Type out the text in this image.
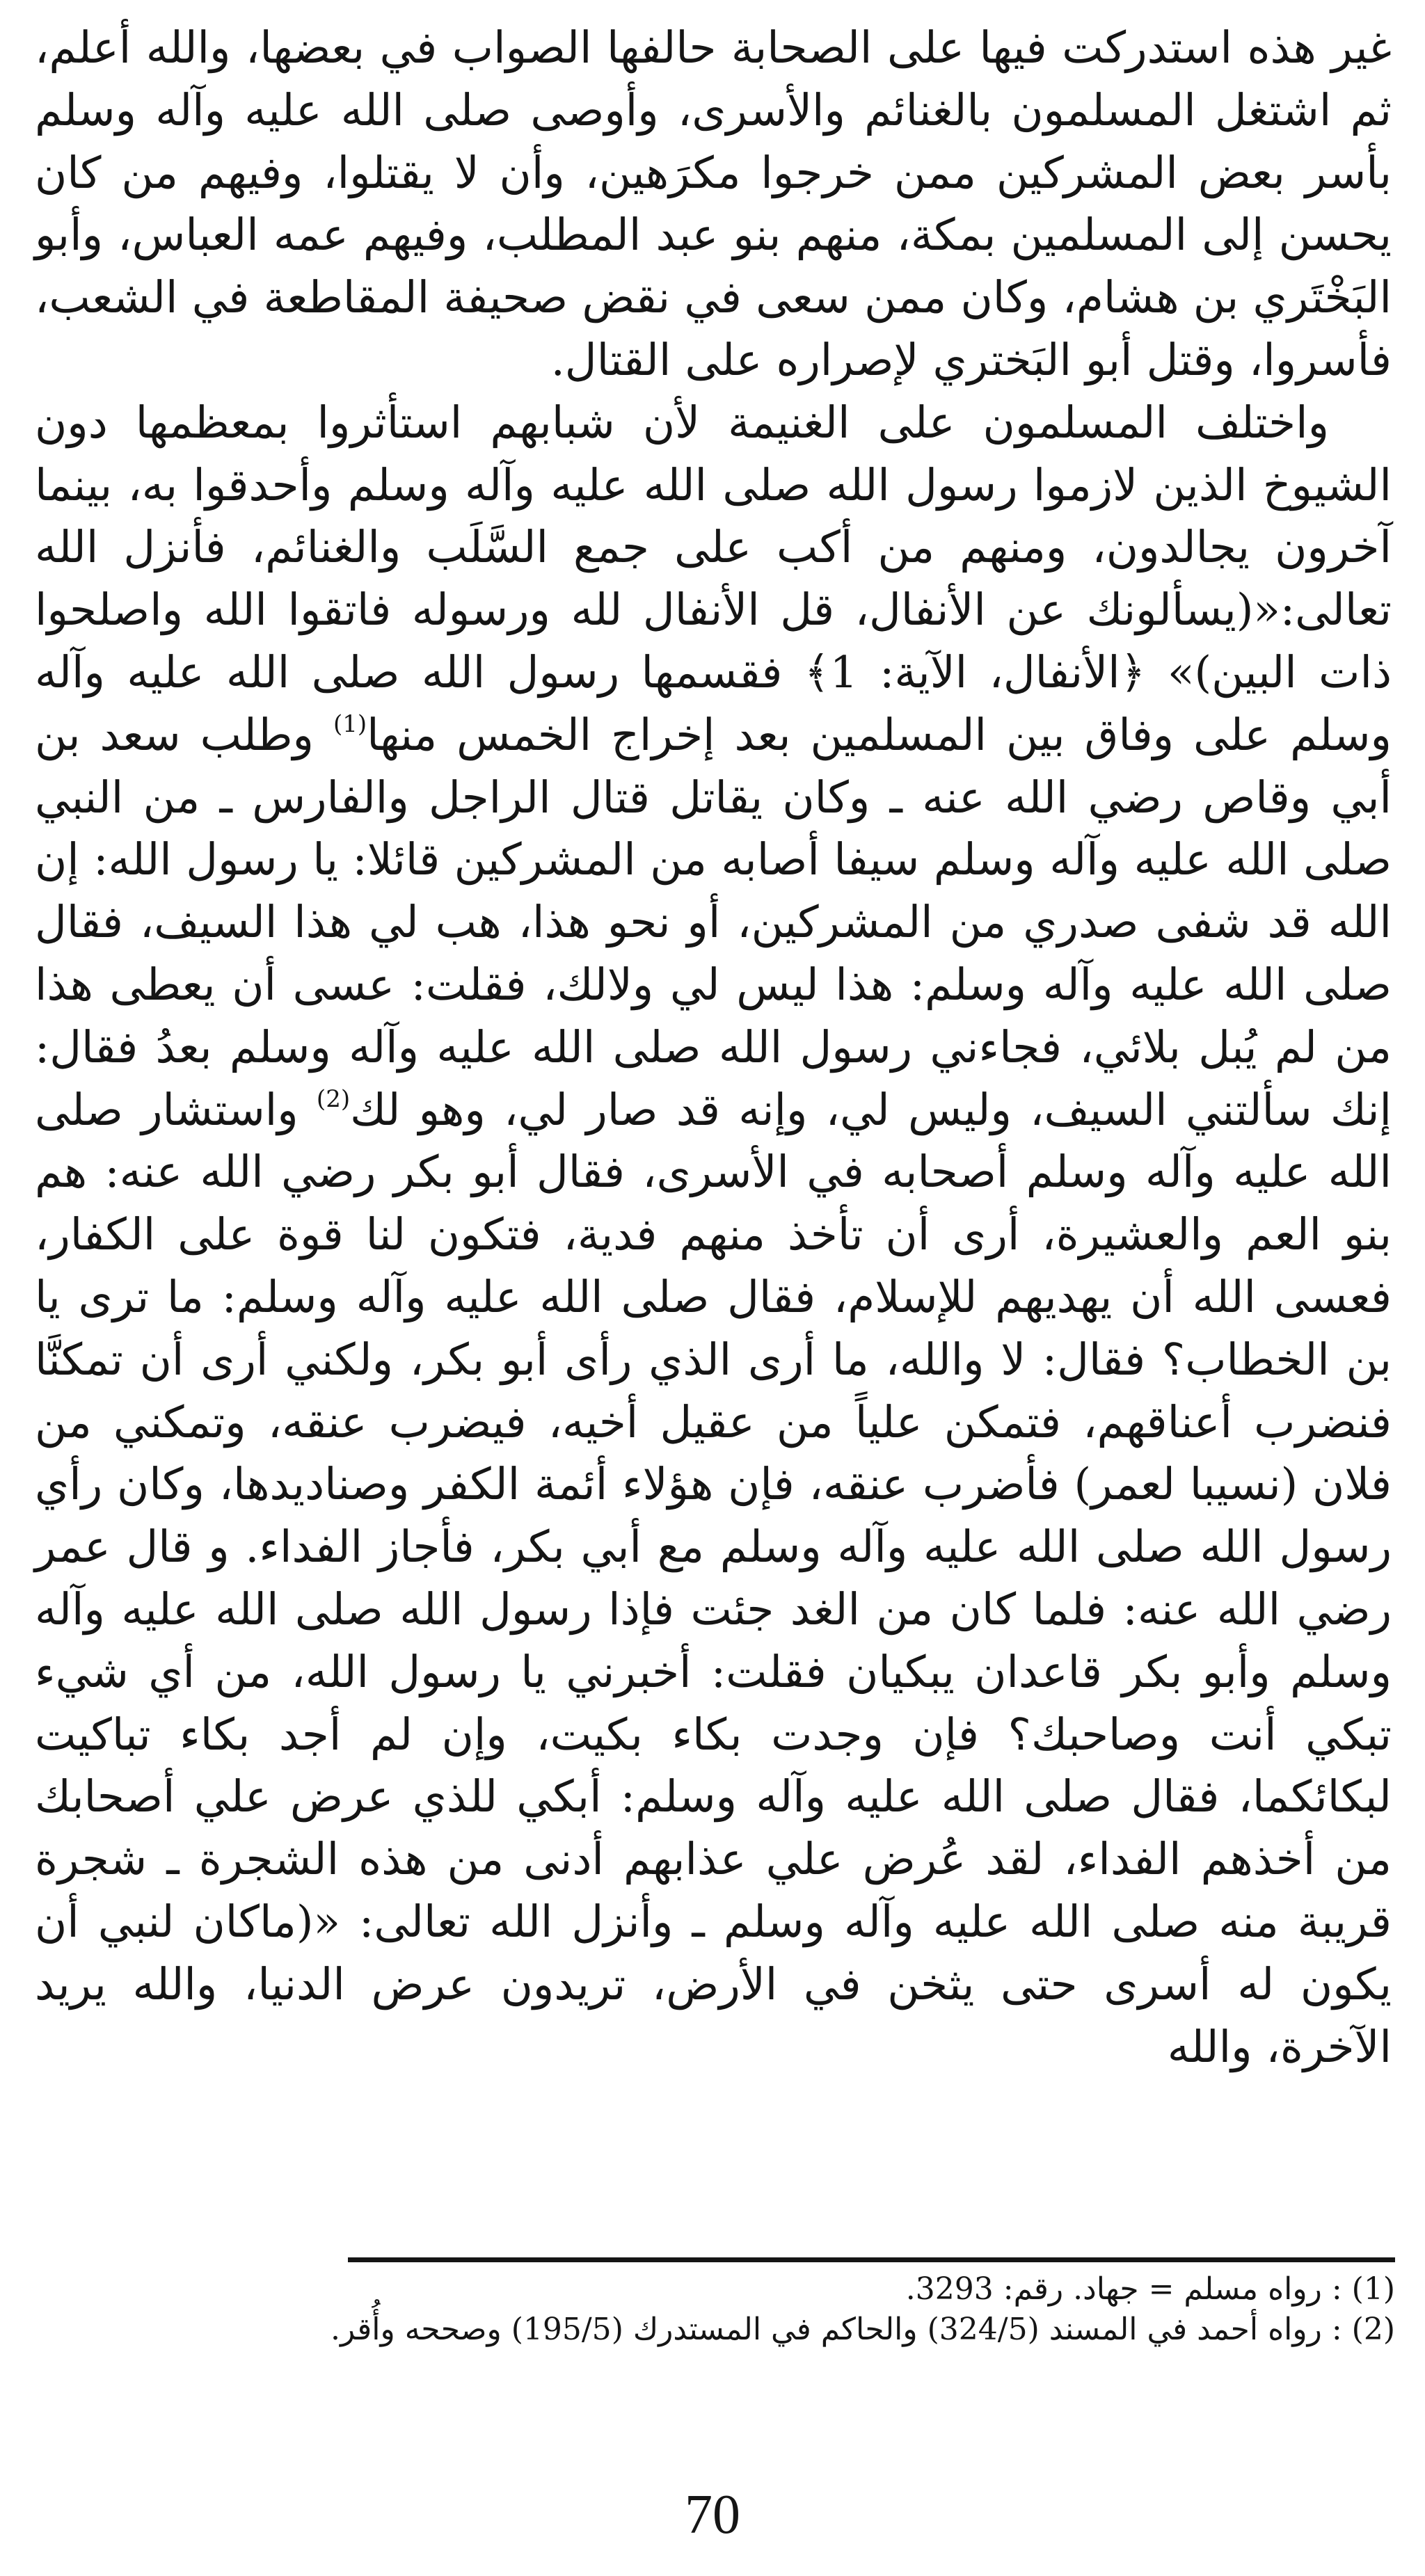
غير هذه استدركت فيها على الصحابة حالفها الصواب في بعضها، والله أعلم، ثم اشتغل المسلمون بالغنائم والأسرى، وأوصى صلى الله عليه وآله وسلم بأسر بعض المشركين ممن خرجوا مكرَهين، وأن لا يقتلوا، وفيهم من كان يحسن إلى المسلمين بمكة، منهم بنو عبد المطلب، وفيهم عمه العباس، وأبو البَخْتَري بن هشام، وكان ممن سعى في نقض صحيفة المقاطعة في الشعب، فأسروا، وقتل أبو البَختري لإصراره على القتال.

واختلف المسلمون على الغنيمة لأن شبابهم استأثروا بمعظمها دون الشيوخ الذين لازموا رسول الله صلى الله عليه وآله وسلم وأحدقوا به، بينما آخرون يجالدون، ومنهم من أكب على جمع السَّلَب والغنائم، فأنزل الله تعالى:«(يسألونك عن الأنفال، قل الأنفال لله ورسوله فاتقوا الله واصلحوا ذات البين)» ﴿الأنفال، الآية: 1﴾ فقسمها رسول الله صلى الله عليه وآله وسلم على وفاق بين المسلمين بعد إخراج الخمس منها$^{(1)}$ وطلب سعد بن أبي وقاص رضي الله عنه ـ وكان يقاتل قتال الراجل والفارس ـ من النبي صلى الله عليه وآله وسلم سيفا أصابه من المشركين قائلا: يا رسول الله: إن الله قد شفى صدري من المشركين، أو نحو هذا، هب لي هذا السيف، فقال صلى الله عليه وآله وسلم: هذا ليس لي ولالك، فقلت: عسى أن يعطى هذا من لم يُبل بلائي، فجاءني رسول الله صلى الله عليه وآله وسلم بعدُ فقال: إنك سألتني السيف، وليس لي، وإنه قد صار لي، وهو لك$^{(2)}$ واستشار صلى الله عليه وآله وسلم أصحابه في الأسرى، فقال أبو بكر رضي الله عنه: هم بنو العم والعشيرة، أرى أن تأخذ منهم فدية، فتكون لنا قوة على الكفار، فعسى الله أن يهديهم للإسلام، فقال صلى الله عليه وآله وسلم: ما ترى يا بن الخطاب؟ فقال: لا والله، ما أرى الذي رأى أبو بكر، ولكني أرى أن تمكنَّا فنضرب أعناقهم، فتمكن علياً من عقيل أخيه، فيضرب عنقه، وتمكني من فلان (نسيبا لعمر) فأضرب عنقه، فإن هؤلاء أئمة الكفر وصناديدها، وكان رأي رسول الله صلى الله عليه وآله وسلم مع أبي بكر، فأجاز الفداء. و قال عمر رضي الله عنه: فلما كان من الغد جئت فإذا رسول الله صلى الله عليه وآله وسلم وأبو بكر قاعدان يبكيان فقلت: أخبرني يا رسول الله، من أي شيء تبكي أنت وصاحبك؟ فإن وجدت بكاء بكيت، وإن لم أجد بكاء تباكيت لبكائكما، فقال صلى الله عليه وآله وسلم: أبكي للذي عرض علي أصحابك من أخذهم الفداء، لقد عُرض علي عذابهم أدنى من هذه الشجرة ـ شجرة قريبة منه صلى الله عليه وآله وسلم ـ وأنزل الله تعالى: «(ماكان لنبي أن يكون له أسرى حتى يثخن في الأرض، تريدون عرض الدنيا، والله يريد الآخرة، والله

(1) : رواه مسلم = جهاد. رقم: 3293.
(2) : رواه أحمد في المسند (324/5) والحاكم في المستدرك (195/5) وصححه وأُقر.
70
